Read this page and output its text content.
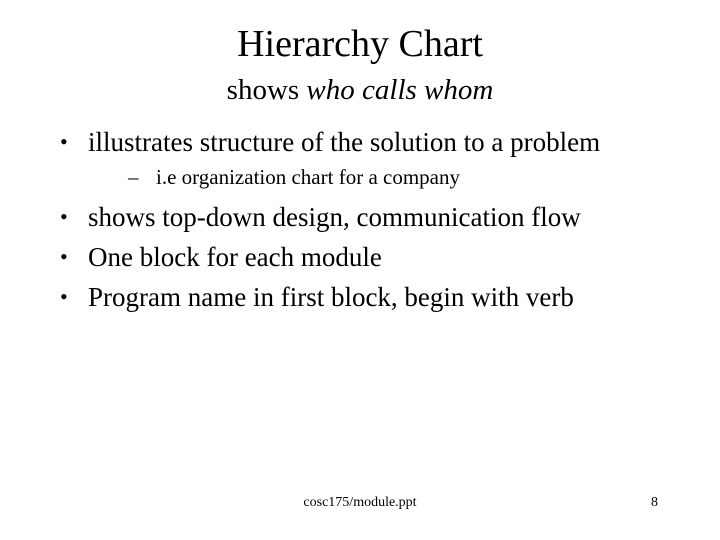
Hierarchy Chart
shows who calls whom
• illustrates structure of the solution to a problem
– i.e organization chart for a company
• shows top-down design, communication flow
• One block for each module
• Program name in first block, begin with verb
cosc175/module.ppt	8
